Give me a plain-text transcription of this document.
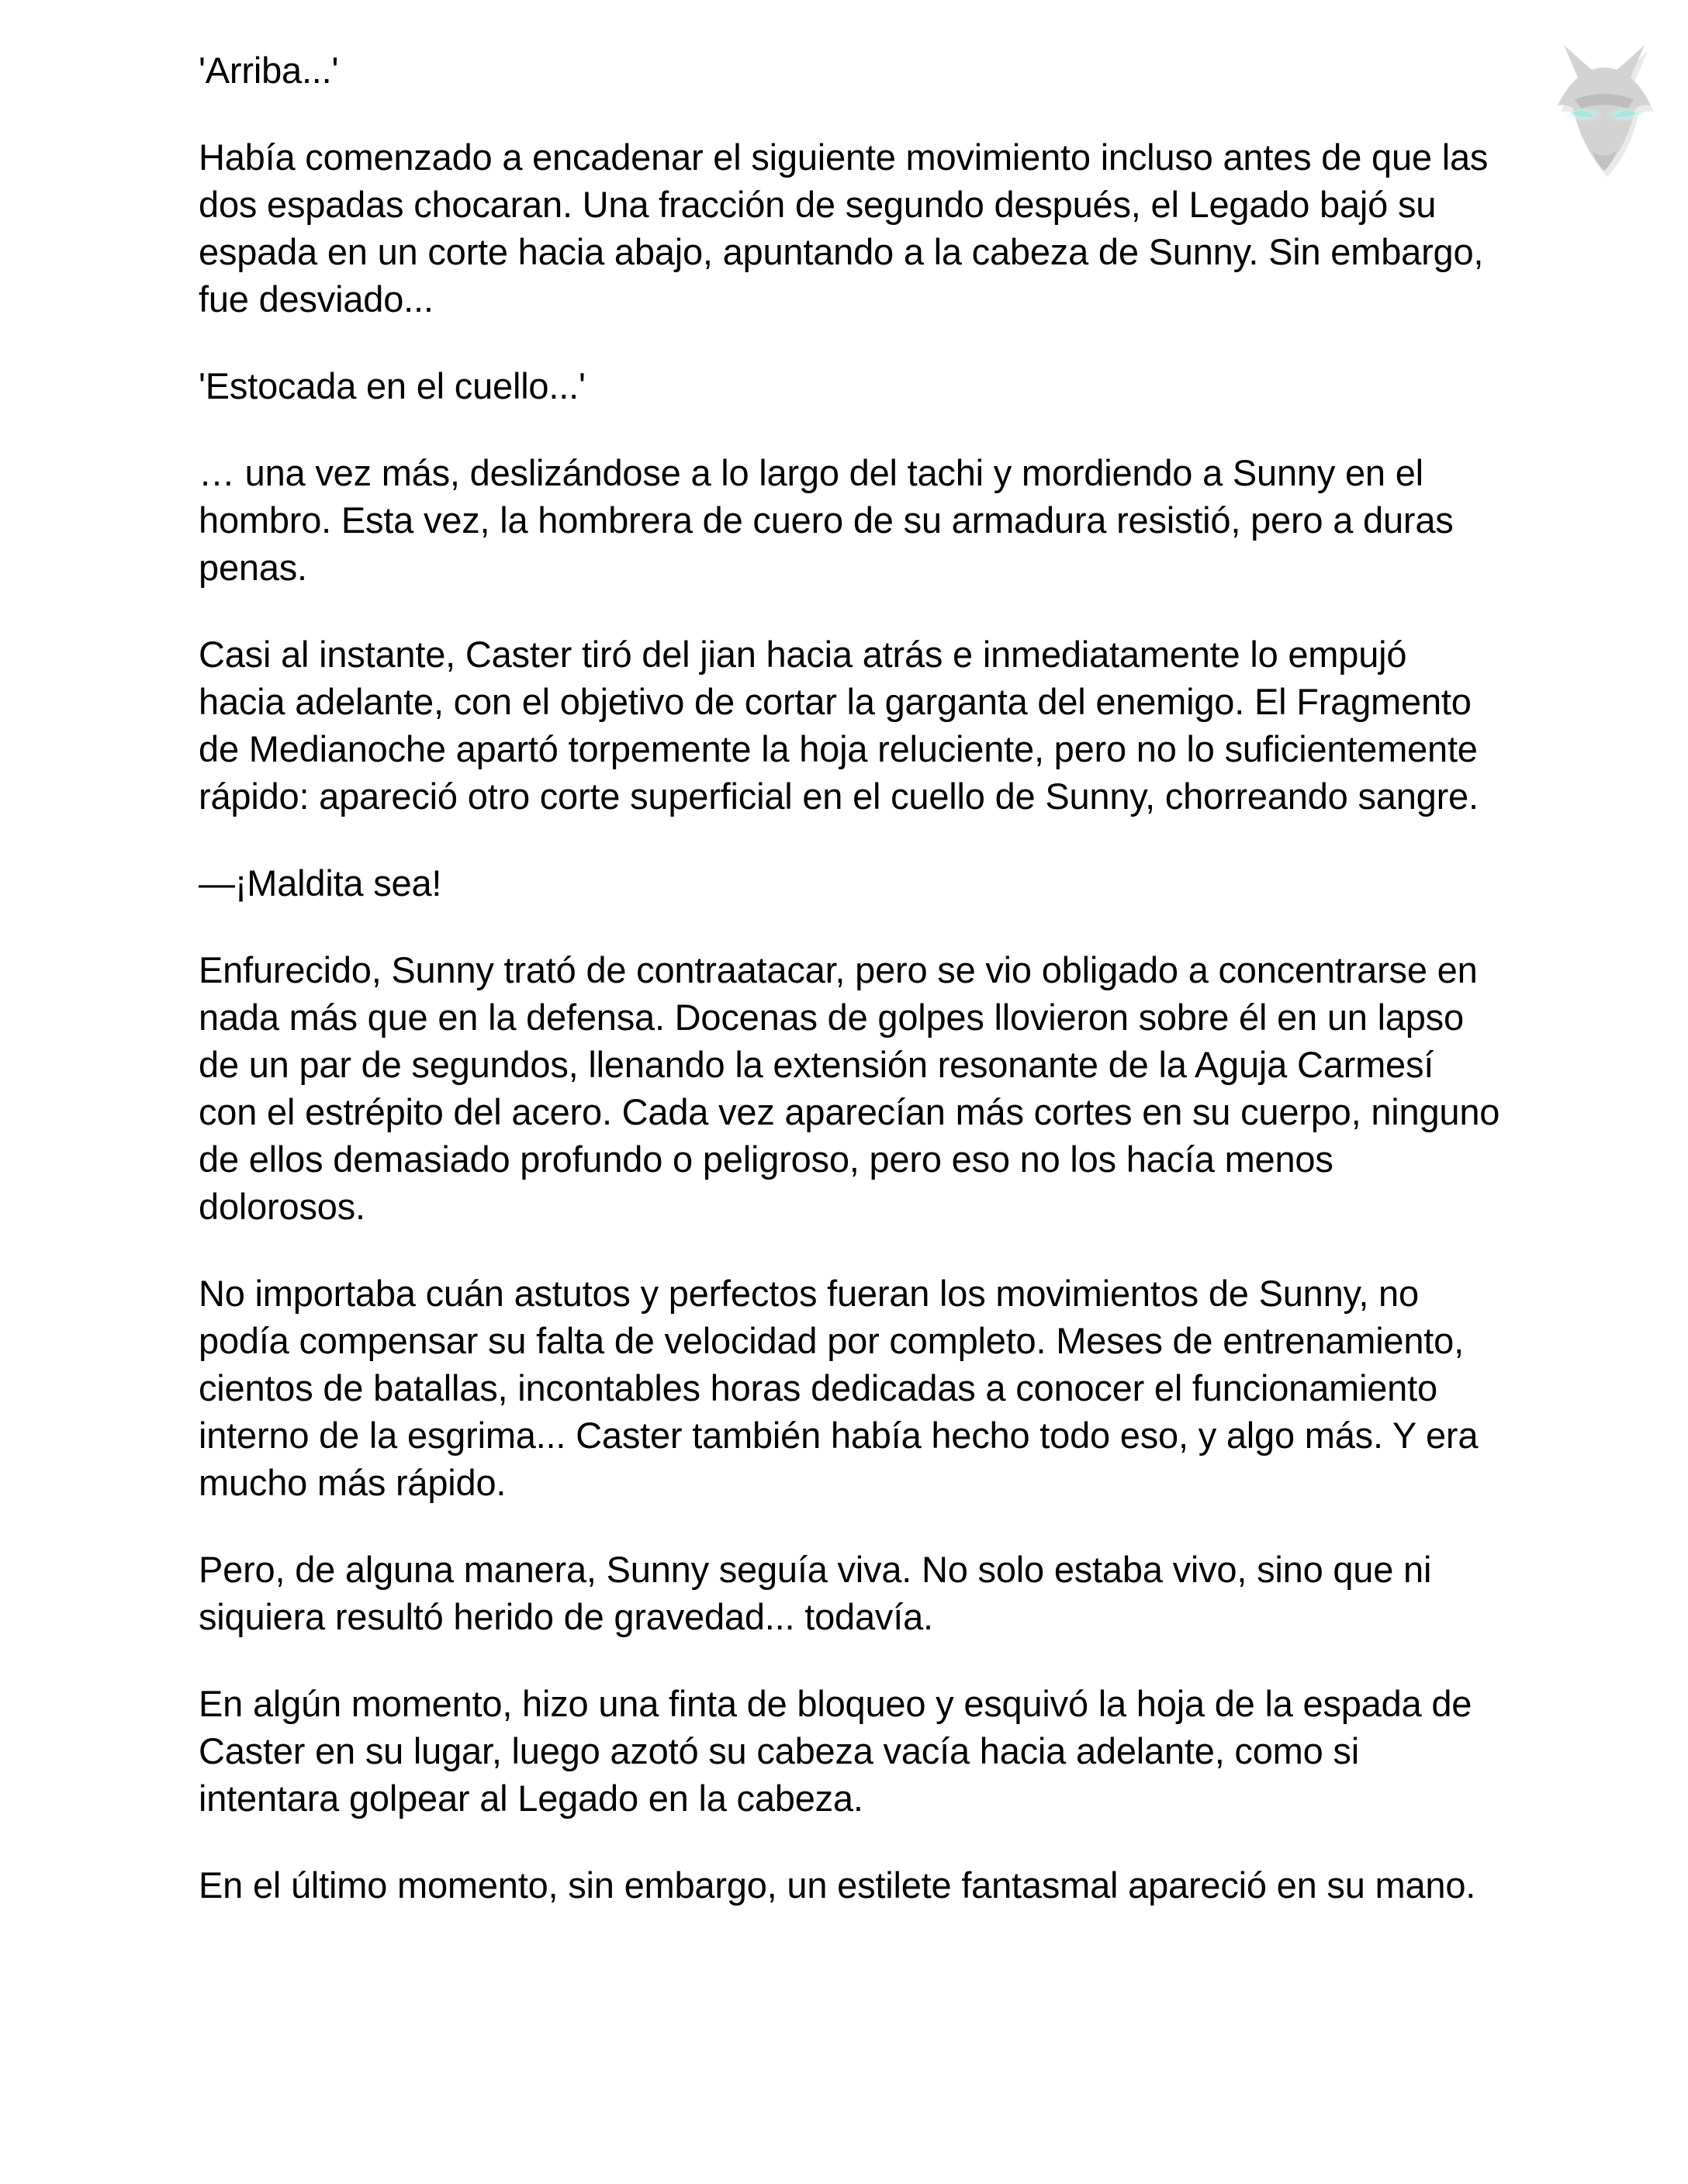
'Arriba...'

Había comenzado a encadenar el siguiente movimiento incluso antes de que las dos espadas chocaran. Una fracción de segundo después, el Legado bajó su espada en un corte hacia abajo, apuntando a la cabeza de Sunny. Sin embargo, fue desviado...

'Estocada en el cuello...'

… una vez más, deslizándose a lo largo del tachi y mordiendo a Sunny en el hombro. Esta vez, la hombrera de cuero de su armadura resistió, pero a duras penas.

Casi al instante, Caster tiró del jian hacia atrás e inmediatamente lo empujó hacia adelante, con el objetivo de cortar la garganta del enemigo. El Fragmento de Medianoche apartó torpemente la hoja reluciente, pero no lo suficientemente rápido: apareció otro corte superficial en el cuello de Sunny, chorreando sangre.

—¡Maldita sea!

Enfurecido, Sunny trató de contraatacar, pero se vio obligado a concentrarse en nada más que en la defensa. Docenas de golpes llovieron sobre él en un lapso de un par de segundos, llenando la extensión resonante de la Aguja Carmesí con el estrépito del acero. Cada vez aparecían más cortes en su cuerpo, ninguno de ellos demasiado profundo o peligroso, pero eso no los hacía menos dolorosos.

No importaba cuán astutos y perfectos fueran los movimientos de Sunny, no podía compensar su falta de velocidad por completo. Meses de entrenamiento, cientos de batallas, incontables horas dedicadas a conocer el funcionamiento interno de la esgrima... Caster también había hecho todo eso, y algo más. Y era mucho más rápido.

Pero, de alguna manera, Sunny seguía viva. No solo estaba vivo, sino que ni siquiera resultó herido de gravedad... todavía.

En algún momento, hizo una finta de bloqueo y esquivó la hoja de la espada de Caster en su lugar, luego azotó su cabeza vacía hacia adelante, como si intentara golpear al Legado en la cabeza.

En el último momento, sin embargo, un estilete fantasmal apareció en su mano.
